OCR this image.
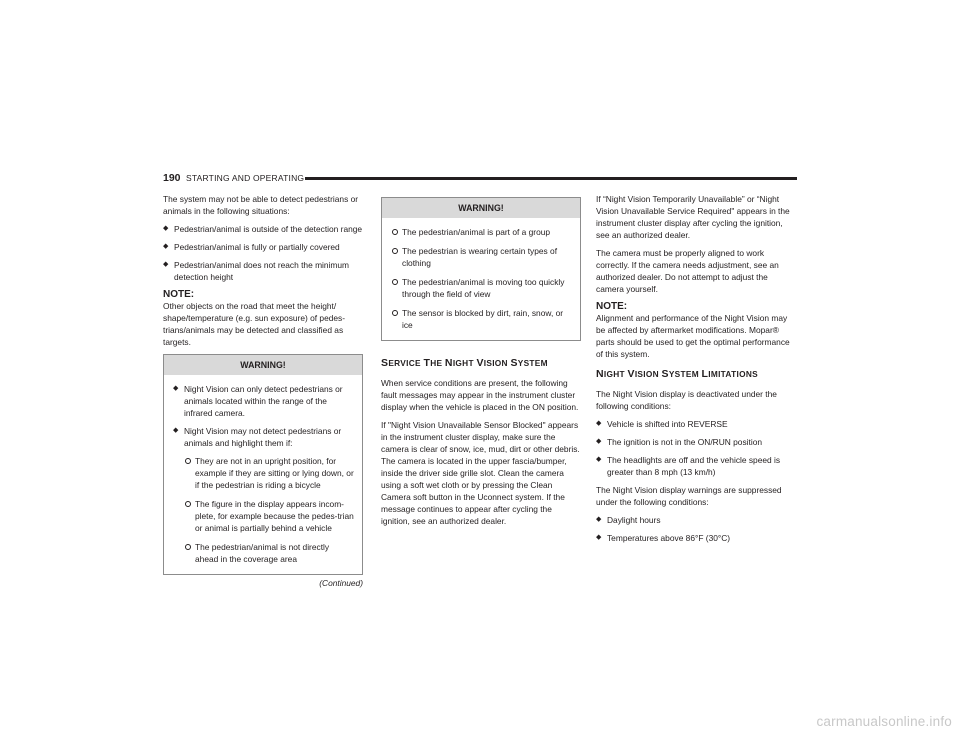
190 STARTING AND OPERATING

The system may not be able to detect pedestrians or animals in the following situations:

◆ Pedestrian/animal is outside of the detection range
◆ Pedestrian/animal is fully or partially covered
◆ Pedestrian/animal does not reach the minimum detection height
NOTE:

Other objects on the road that meet the height/ shape/temperature (e.g. sun exposure) of pedes-trians/animals may be detected and classified as targets.

WARNING!
◆ Night Vision can only detect pedestrians or animals located within the range of the infrared camera.
◆ Night Vision may not detect pedestrians or animals and highlight them if:
They are not in an upright position, for example if they are sitting or lying down, or if the pedestrian is riding a bicycle
The figure in the display appears incom-plete, for example because the pedes-trian or animal is partially behind a vehicle
The pedestrian/animal is not directly ahead in the coverage area
(Continued)
WARNING!
The pedestrian/animal is part of a group
The pedestrian is wearing certain types of clothing
The pedestrian/animal is moving too quickly through the field of view
The sensor is blocked by dirt, rain, snow, or ice
SERVICE THE NIGHT VISION SYSTEM

When service conditions are present, the following fault messages may appear in the instrument cluster display when the vehicle is placed in the ON position.

If "Night Vision Unavailable Sensor Blocked" appears in the instrument cluster display, make sure the camera is clear of snow, ice, mud, dirt or other debris. The camera is located in the upper fascia/bumper, inside the driver side grille slot. Clean the camera using a soft wet cloth or by pressing the Clean Camera soft button in the Uconnect system. If the message continues to appear after cycling the ignition, see an authorized dealer.

If “Night Vision Temporarily Unavailable” or “Night Vision Unavailable Service Required" appears in the instrument cluster display after cycling the ignition, see an authorized dealer.

The camera must be properly aligned to work correctly. If the camera needs adjustment, see an authorized dealer. Do not attempt to adjust the camera yourself.

NOTE:

Alignment and performance of the Night Vision may be affected by aftermarket modifications. Mopar® parts should be used to get the optimal performance of this system.

NIGHT VISION SYSTEM LIMITATIONS

The Night Vision display is deactivated under the following conditions:

◆ Vehicle is shifted into REVERSE
◆ The ignition is not in the ON/RUN position
◆ The headlights are off and the vehicle speed is greater than 8 mph (13 km/h)

The Night Vision display warnings are suppressed under the following conditions:

◆ Daylight hours
◆ Temperatures above 86°F (30°C)
carmanualsonline.info
